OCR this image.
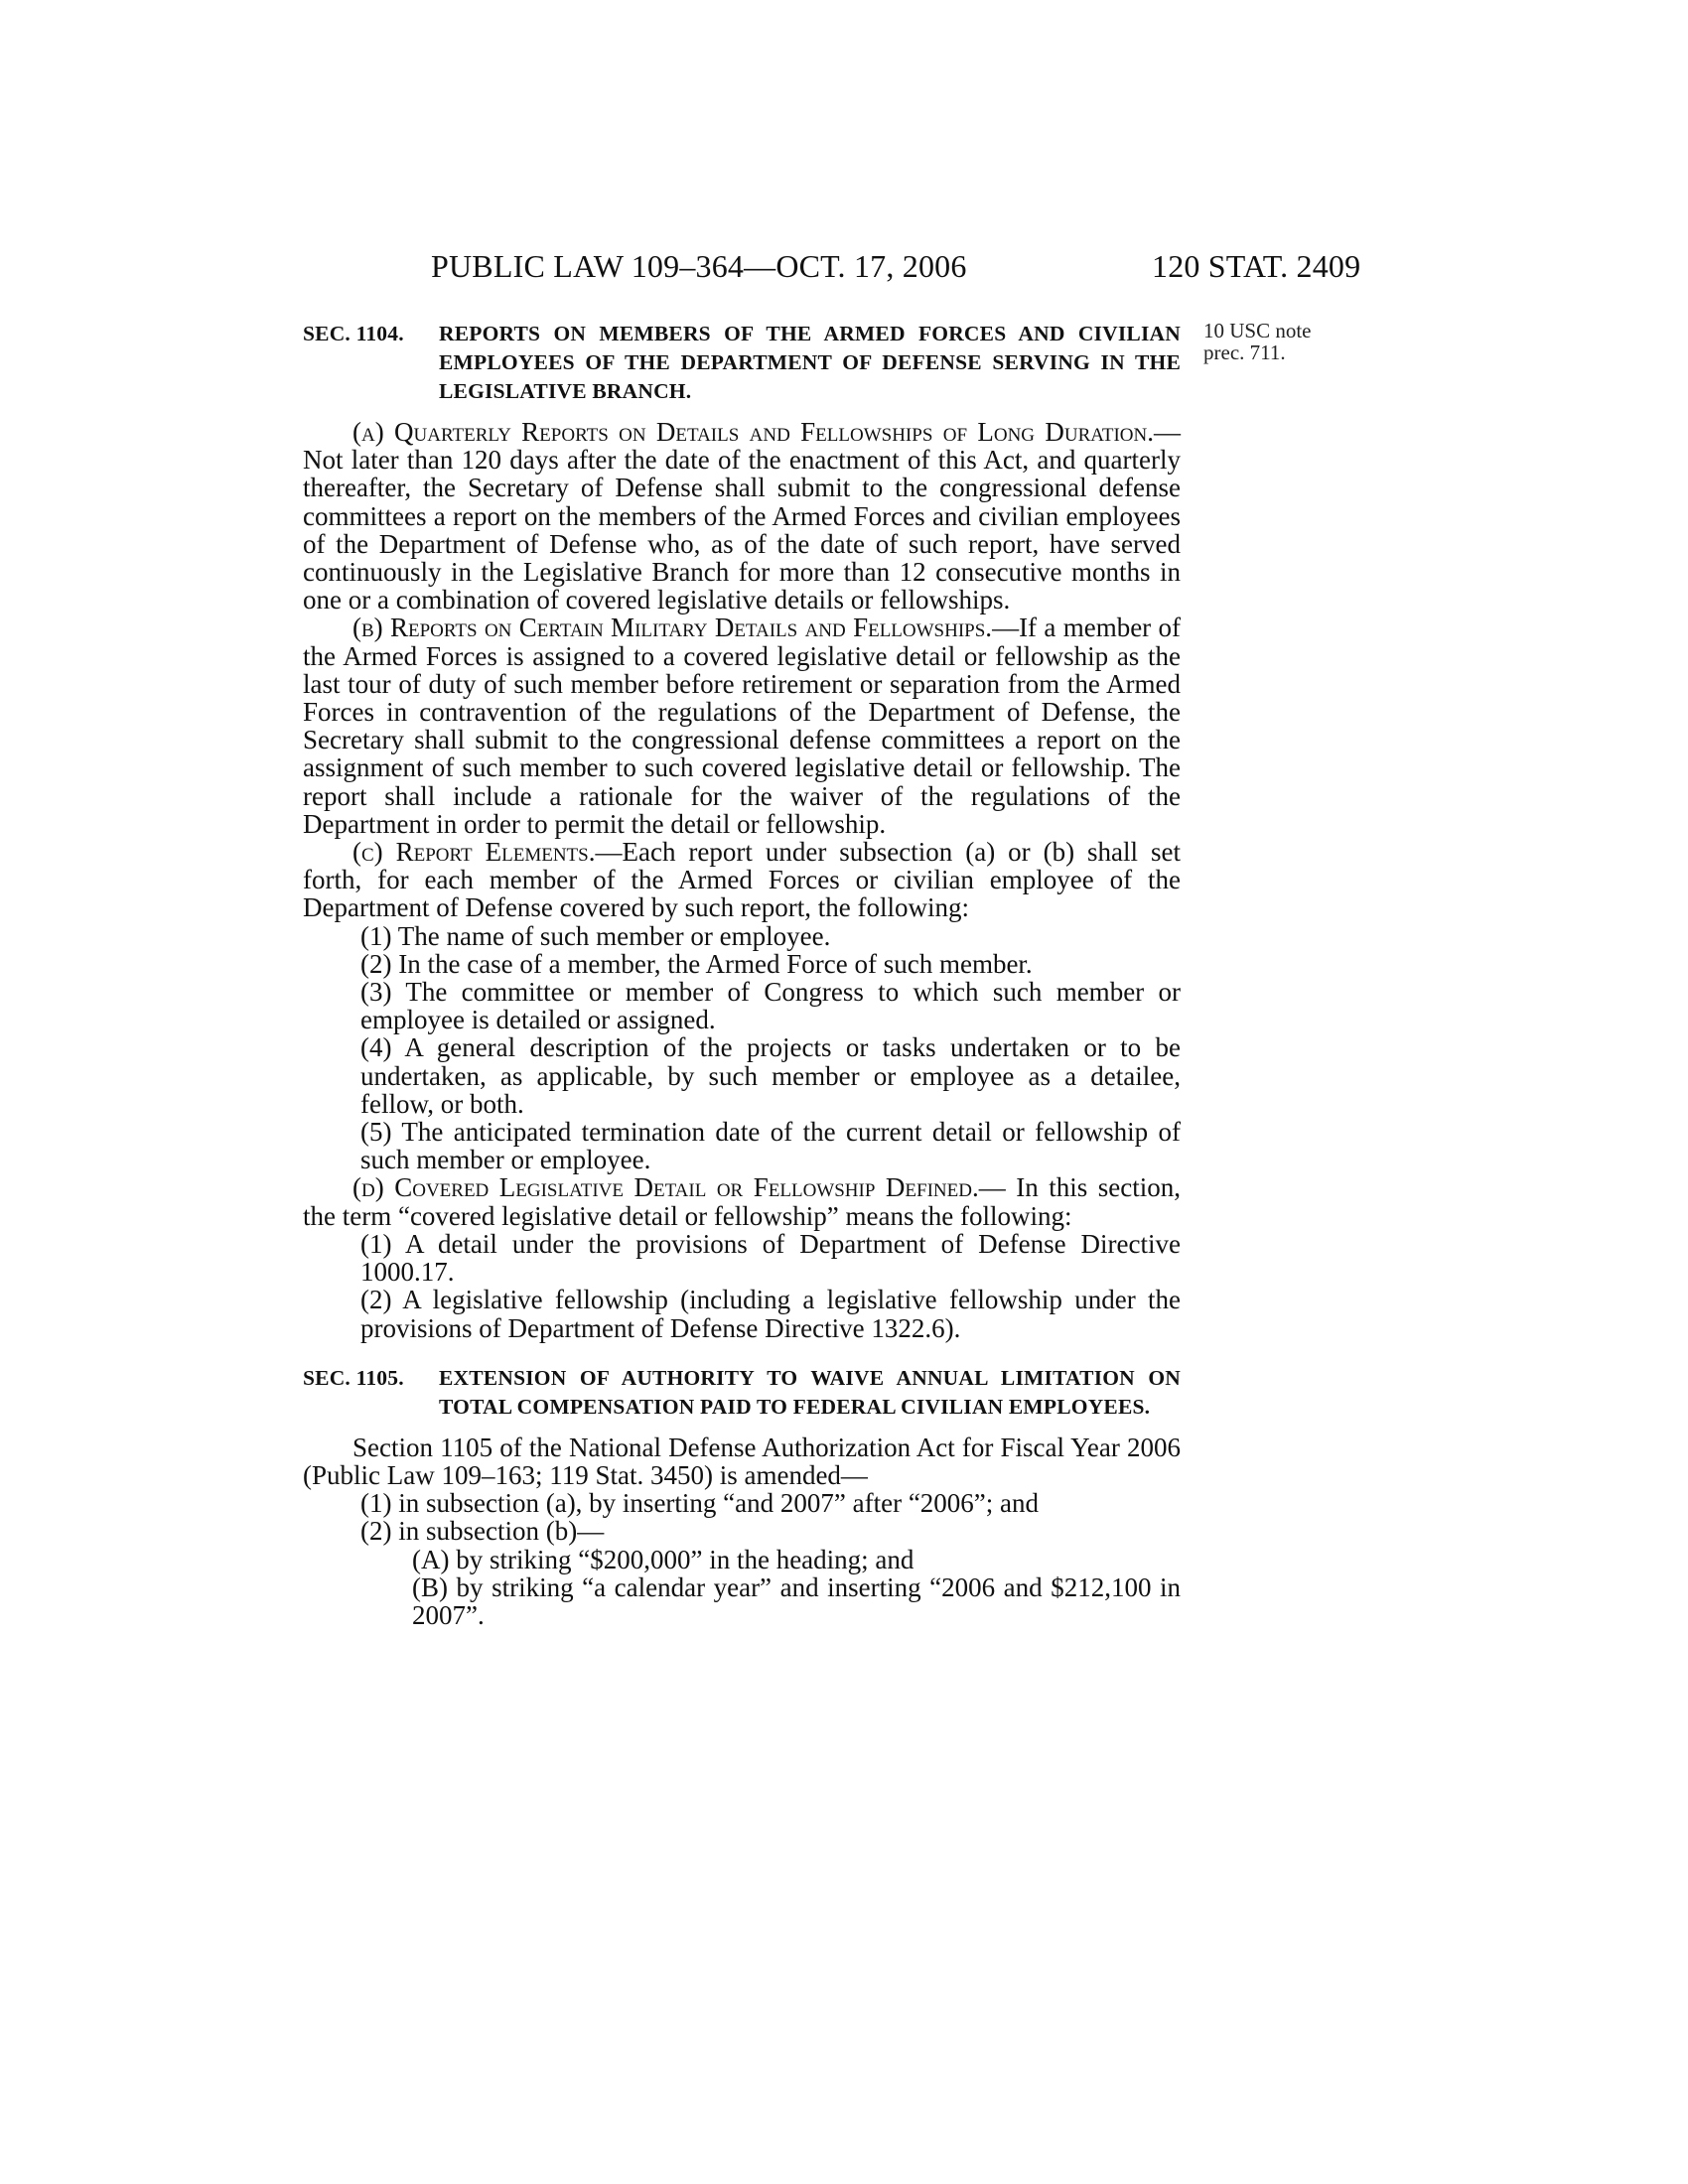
PUBLIC LAW 109–364—OCT. 17, 2006	120 STAT. 2409
10 USC note
prec. 711.
SEC. 1104. REPORTS ON MEMBERS OF THE ARMED FORCES AND CIVILIAN EMPLOYEES OF THE DEPARTMENT OF DEFENSE SERVING IN THE LEGISLATIVE BRANCH.

(a) Quarterly Reports on Details and Fellowships of Long Duration.—Not later than 120 days after the date of the enactment of this Act, and quarterly thereafter, the Secretary of Defense shall submit to the congressional defense committees a report on the members of the Armed Forces and civilian employees of the Department of Defense who, as of the date of such report, have served continuously in the Legislative Branch for more than 12 consecutive months in one or a combination of covered legislative details or fellowships.

(b) Reports on Certain Military Details and Fellowships.—If a member of the Armed Forces is assigned to a covered legislative detail or fellowship as the last tour of duty of such member before retirement or separation from the Armed Forces in contravention of the regulations of the Department of Defense, the Secretary shall submit to the congressional defense committees a report on the assignment of such member to such covered legislative detail or fellowship. The report shall include a rationale for the waiver of the regulations of the Department in order to permit the detail or fellowship.

(c) Report Elements.—Each report under subsection (a) or (b) shall set forth, for each member of the Armed Forces or civilian employee of the Department of Defense covered by such report, the following:

(1) The name of such member or employee.

(2) In the case of a member, the Armed Force of such member.

(3) The committee or member of Congress to which such member or employee is detailed or assigned.

(4) A general description of the projects or tasks undertaken or to be undertaken, as applicable, by such member or employee as a detailee, fellow, or both.

(5) The anticipated termination date of the current detail or fellowship of such member or employee.

(d) Covered Legislative Detail or Fellowship Defined.— In this section, the term “covered legislative detail or fellowship” means the following:

(1) A detail under the provisions of Department of Defense Directive 1000.17.

(2) A legislative fellowship (including a legislative fellowship under the provisions of Department of Defense Directive 1322.6).

SEC. 1105. EXTENSION OF AUTHORITY TO WAIVE ANNUAL LIMITATION ON TOTAL COMPENSATION PAID TO FEDERAL CIVILIAN EMPLOYEES.

Section 1105 of the National Defense Authorization Act for Fiscal Year 2006 (Public Law 109–163; 119 Stat. 3450) is amended—

(1) in subsection (a), by inserting “and 2007” after “2006”; and

(2) in subsection (b)—

(A) by striking “$200,000” in the heading; and

(B) by striking “a calendar year” and inserting “2006 and $212,100 in 2007”.
